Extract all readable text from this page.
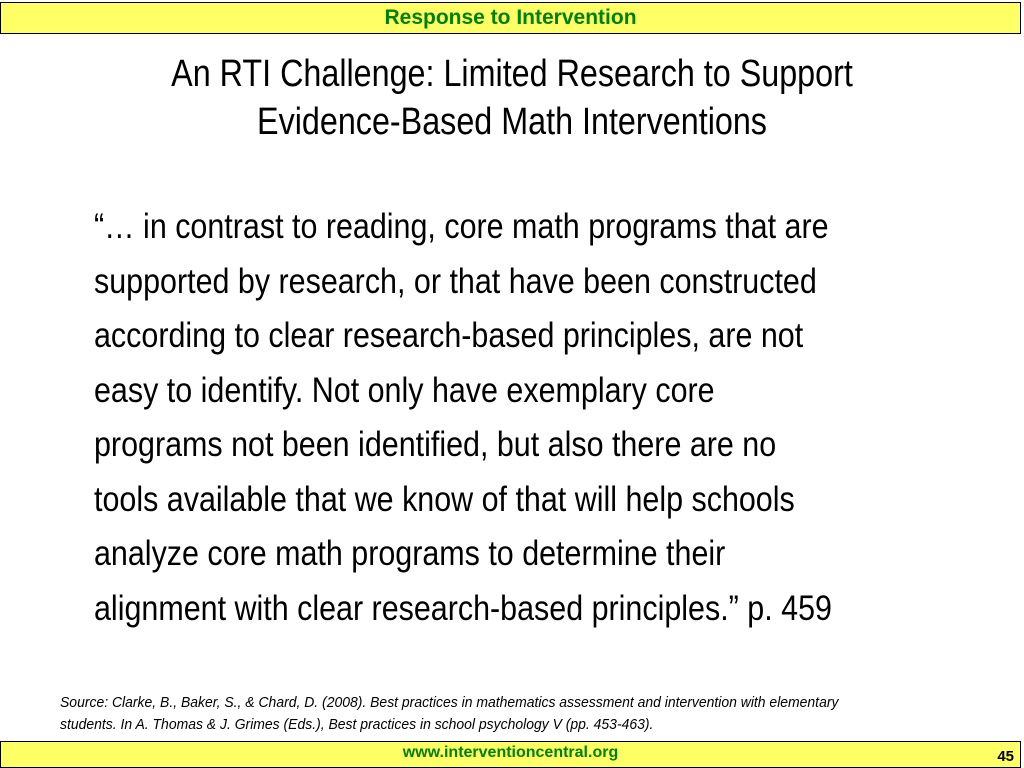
Response to Intervention
An RTI Challenge: Limited Research to Support
Evidence-Based Math Interventions
“… in contrast to reading, core math programs that are
supported by research, or that have been constructed
according to clear research-based principles, are not
easy to identify. Not only have exemplary core
programs not been identified, but also there are no
tools available that we know of that will help schools
analyze core math programs to determine their
alignment with clear research-based principles.” p. 459
Source: Clarke, B., Baker, S., & Chard, D. (2008). Best practices in mathematics assessment and intervention with elementary
students. In A. Thomas & J. Grimes (Eds.), Best practices in school psychology V (pp. 453-463).
www.interventioncentral.org	45
